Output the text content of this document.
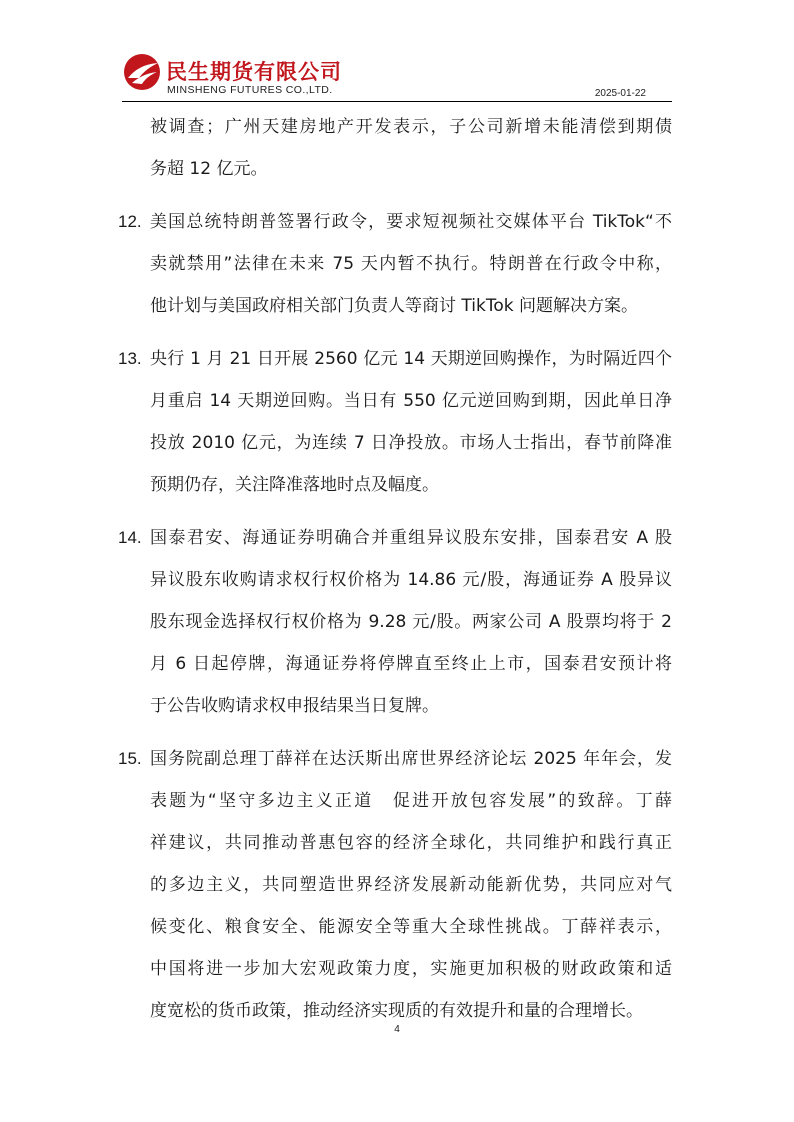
民生期货有限公司
MINSHENG FUTURES CO.,LTD.	2025-01-22
被调查；广州天建房地产开发表示，子公司新增未能清偿到期债
务超 12 亿元。
12. 美国总统特朗普签署行政令，要求短视频社交媒体平台 TikTok“不
卖就禁用”法律在未来 75 天内暂不执行。特朗普在行政令中称，
他计划与美国政府相关部门负责人等商讨 TikTok 问题解决方案。
13. 央行 1 月 21 日开展 2560 亿元 14 天期逆回购操作，为时隔近四个
月重启 14 天期逆回购。当日有 550 亿元逆回购到期，因此单日净
投放 2010 亿元，为连续 7 日净投放。市场人士指出，春节前降准
预期仍存，关注降准落地时点及幅度。
14. 国泰君安、海通证券明确合并重组异议股东安排，国泰君安 A 股
异议股东收购请求权行权价格为 14.86 元/股，海通证券 A 股异议
股东现金选择权行权价格为 9.28 元/股。两家公司 A 股票均将于 2
月 6 日起停牌，海通证券将停牌直至终止上市，国泰君安预计将
于公告收购请求权申报结果当日复牌。
15. 国务院副总理丁薛祥在达沃斯出席世界经济论坛 2025 年年会，发
表题为“坚守多边主义正道　促进开放包容发展”的致辞。丁薛
祥建议，共同推动普惠包容的经济全球化，共同维护和践行真正
的多边主义，共同塑造世界经济发展新动能新优势，共同应对气
候变化、粮食安全、能源安全等重大全球性挑战。丁薛祥表示，
中国将进一步加大宏观政策力度，实施更加积极的财政政策和适
度宽松的货币政策，推动经济实现质的有效提升和量的合理增长。
4
